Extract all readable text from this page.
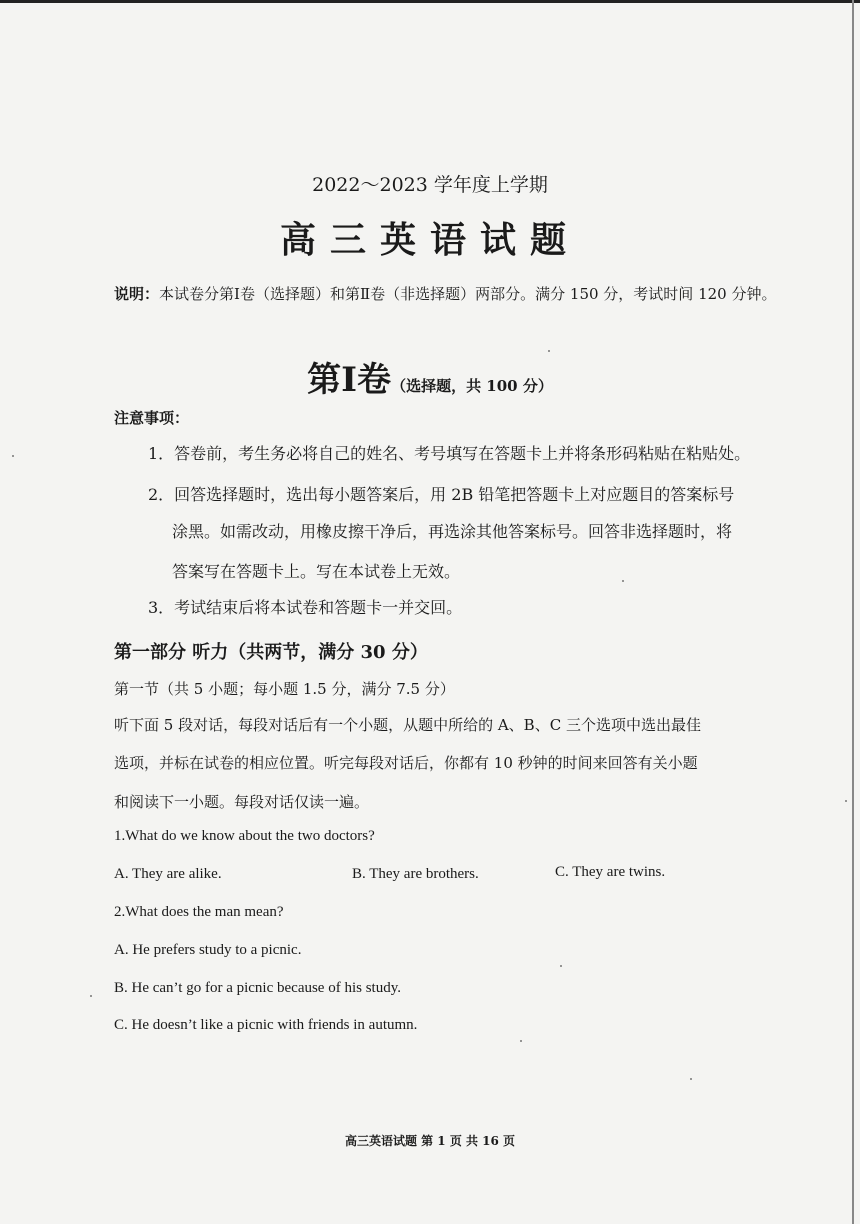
2022～2023 学年度上学期
高三英语试题
说明：本试卷分第Ⅰ卷（选择题）和第Ⅱ卷（非选择题）两部分。满分 150 分，考试时间 120 分钟。
第Ⅰ卷（选择题，共 100 分）
注意事项：
1．答卷前，考生务必将自己的姓名、考号填写在答题卡上并将条形码粘贴在粘贴处。
2．回答选择题时，选出每小题答案后，用 2B 铅笔把答题卡上对应题目的答案标号
涂黑。如需改动，用橡皮擦干净后，再选涂其他答案标号。回答非选择题时，将
答案写在答题卡上。写在本试卷上无效。
3．考试结束后将本试卷和答题卡一并交回。
第一部分 听力（共两节，满分 30 分）
第一节（共 5 小题；每小题 1.5 分，满分 7.5 分）
听下面 5 段对话，每段对话后有一个小题，从题中所给的 A、B、C 三个选项中选出最佳
选项，并标在试卷的相应位置。听完每段对话后，你都有 10 秒钟的时间来回答有关小题
和阅读下一小题。每段对话仅读一遍。
1.What do we know about the two doctors?
A. They are alike.	B. They are brothers.	C. They are twins.
2.What does the man mean?
A. He prefers study to a picnic.
B. He can’t go for a picnic because of his study.
C. He doesn’t like a picnic with friends in autumn.
高三英语试题 第 1 页 共 16 页
